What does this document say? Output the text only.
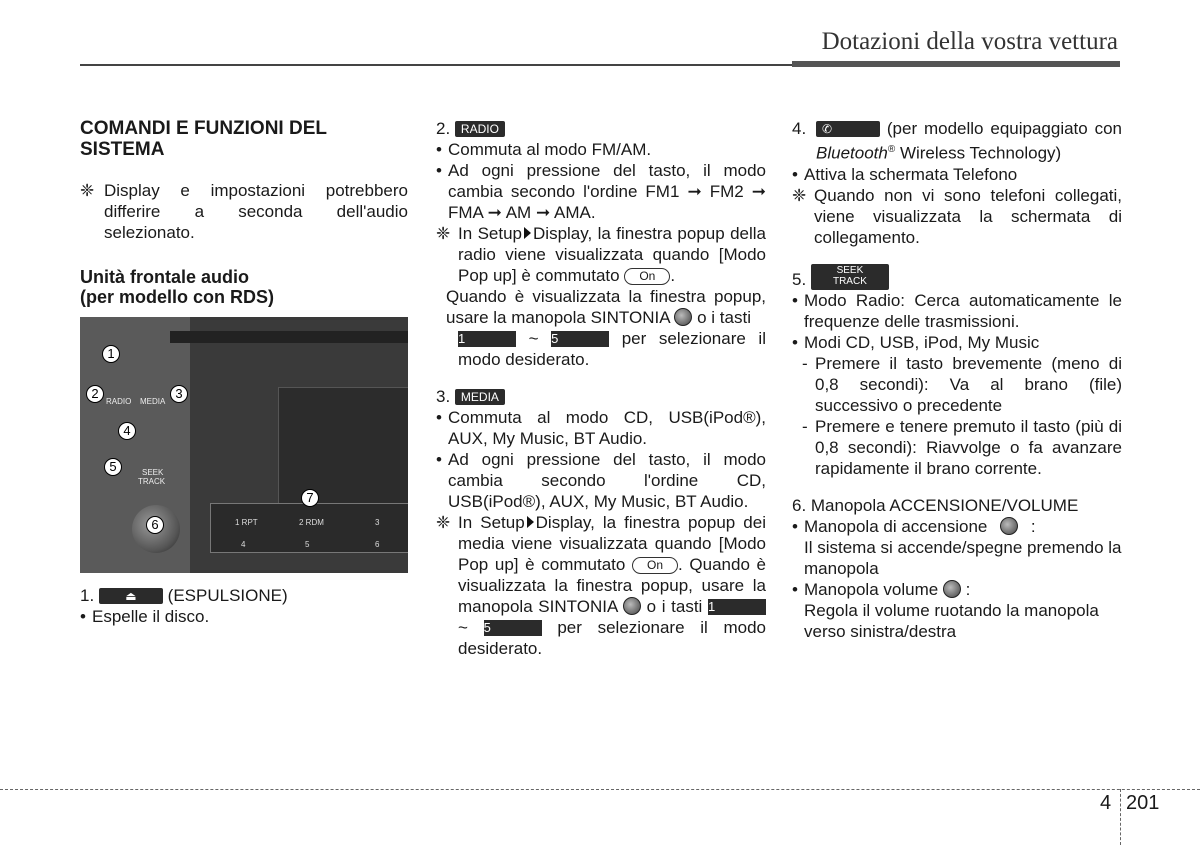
Dotazioni della vostra vettura

COMANDI E FUNZIONI DEL SISTEMA

❈ Display e impostazioni potrebbero differire a seconda dell'audio selezionato.
Unità frontale audio
(per modello con RDS)
1 RPT	2 RDM	3
4	5	6
RADIO MEDIA
SEEK
TRACK
1
2	3
4
5
6
7
1.	⏏ (ESPULSIONE)
• Espelle il disco.
2. RADIO
• Commuta al modo FM/AM.
• Ad ogni pressione del tasto, il modo cambia secondo l'ordine FM1 ➞ FM2 ➞ FMA ➞ AM ➞ AMA.
❈ In Setup Display, la finestra popup della radio viene visualizzata quando [Modo Pop up] è commutato On .
Quando è visualizzata la finestra popup, usare la manopola SINTONIA o i tasti
1	~ 5	per selezionare il modo desiderato.
3. MEDIA
• Commuta al modo CD, USB(iPod®), AUX, My Music, BT Audio.
• Ad ogni pressione del tasto, il modo cambia secondo l'ordine CD, USB(iPod®), AUX, My Music, BT Audio.
❈ In Setup Display, la finestra popup dei media viene visualizzata quando [Modo Pop up] è commutato On . Quando è visualizzata la finestra popup, usare la manopola SINTONIA o i tasti 1 ~ 5	per selezionare il modo desiderato.
4.	✆	(per modello equipaggiato con Bluetooth® Wireless Technology)
• Attiva la schermata Telefono
❈ Quando non vi sono telefoni collegati, viene visualizzata la schermata di collegamento.
5.	SEEK
TRACK
• Modo Radio: Cerca automaticamente le frequenze delle trasmissioni.
• Modi CD, USB, iPod, My Music
- Premere il tasto brevemente (meno di 0,8 secondi): Va al brano (file) successivo o precedente
- Premere e tenere premuto il tasto (più di 0,8 secondi): Riavvolge o fa avanzare rapidamente il brano corrente.
6. Manopola ACCENSIONE/VOLUME
• Manopola di accensione	:
Il sistema si accende/spegne premendo la manopola
• Manopola volume :
Regola il volume ruotando la manopola verso sinistra/destra
4 201
